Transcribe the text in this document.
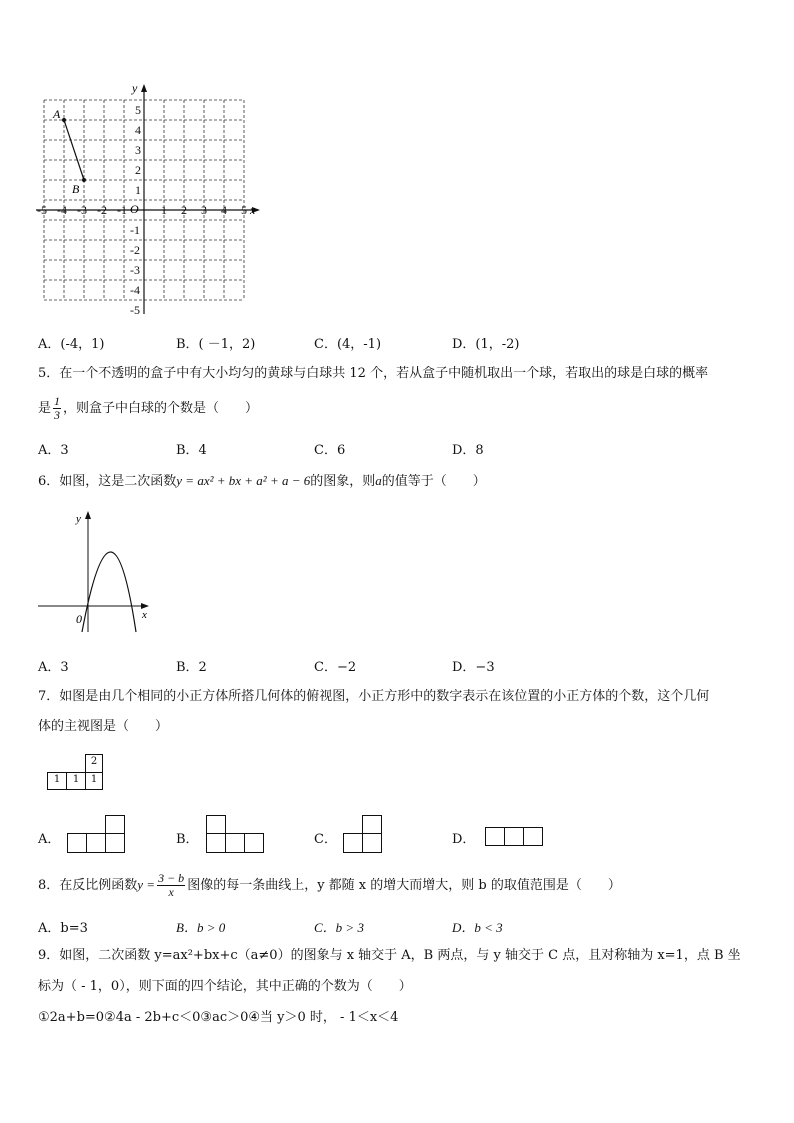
x
y
O
-5 -4 -3 -2 -1	1 2 3 4 5
5
4
3
2
1
-1
-2
-3
-4
-5
A
B
A．(-4，1)	B．( －1，2)	C．(4，-1)	D．(1，-2)
5．在一个不透明的盒子中有大小均匀的黄球与白球共 12 个，若从盒子中随机取出一个球，若取出的球是白球的概率
是 $\frac{1}{3}$ ，则盒子中白球的个数是（　　）
A．3	B．4	C．6	D．8
6．如图，这是二次函数y = ax² + bx + a² + a − 6的图象，则a的值等于（　　）
y
x
0
A．3	B．2	C．−2	D．−3
7．如图是由几个相同的小正方体所搭几何体的俯视图，小正方形中的数字表示在该位置的小正方体的个数，这个几何
体的主视图是（　　）
2
1	1	1
A．	B．	C．	D．
8．在反比例函数$y = \frac{3 - b}{x}$ 图像的每一条曲线上，y 都随 x 的增大而增大，则 b 的取值范围是（　　）
A．b=3	B．b > 0	C．b > 3	D．b < 3
9．如图，二次函数 y=ax²+bx+c（a≠0）的图象与 x 轴交于 A，B 两点，与 y 轴交于 C 点，且对称轴为 x=1，点 B 坐
标为（ - 1，0），则下面的四个结论，其中正确的个数为（　　）
①2a+b=0②4a - 2b+c＜0③ac＞0④当 y＞0 时， - 1＜x＜4
